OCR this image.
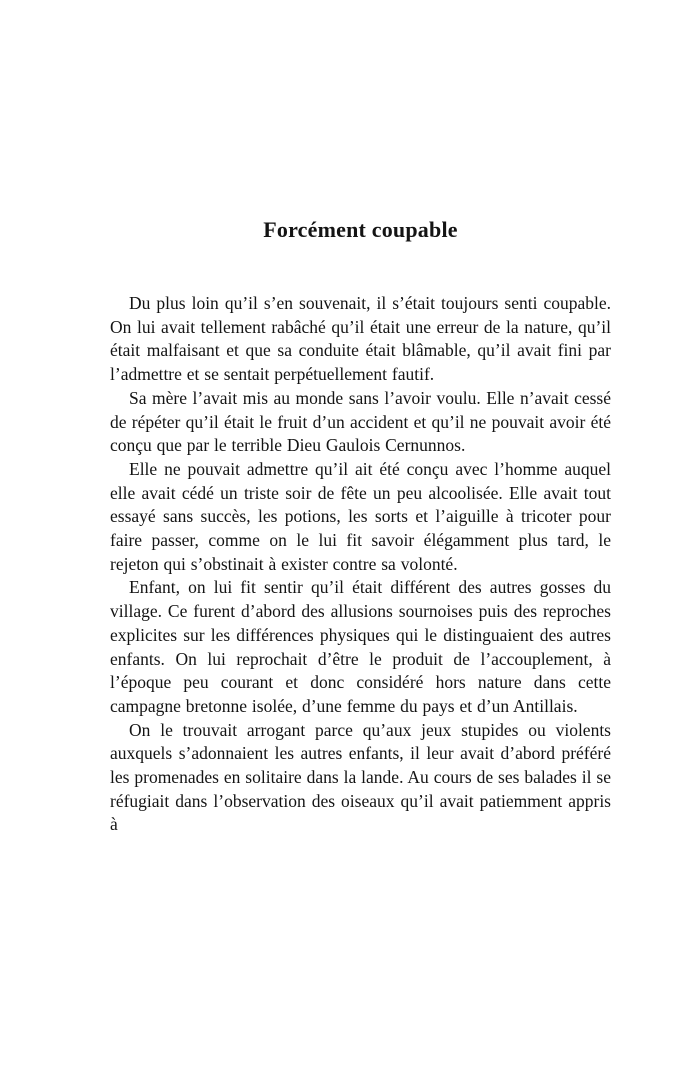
Forcément coupable

Du plus loin qu’il s’en souvenait, il s’était toujours senti coupable. On lui avait tellement rabâché qu’il était une erreur de la nature, qu’il était malfaisant et que sa conduite était blâmable, qu’il avait fini par l’admettre et se sentait perpétuellement fautif.

Sa mère l’avait mis au monde sans l’avoir voulu. Elle n’avait cessé de répéter qu’il était le fruit d’un accident et qu’il ne pouvait avoir été conçu que par le terrible Dieu Gaulois Cernunnos.

Elle ne pouvait admettre qu’il ait été conçu avec l’homme auquel elle avait cédé un triste soir de fête un peu alcoolisée. Elle avait tout essayé sans succès, les potions, les sorts et l’aiguille à tricoter pour faire passer, comme on le lui fit savoir élégamment plus tard, le rejeton qui s’obstinait à exister contre sa volonté.

Enfant, on lui fit sentir qu’il était différent des autres gosses du village. Ce furent d’abord des allusions sournoises puis des reproches explicites sur les différences physiques qui le distinguaient des autres enfants. On lui reprochait d’être le produit de l’accouplement, à l’époque peu courant et donc considéré hors nature dans cette campagne bretonne isolée, d’une femme du pays et d’un Antillais.

On le trouvait arrogant parce qu’aux jeux stupides ou violents auxquels s’adonnaient les autres enfants, il leur avait d’abord préféré les promenades en solitaire dans la lande. Au cours de ses balades il se réfugiait dans l’observation des oiseaux qu’il avait patiemment appris à
